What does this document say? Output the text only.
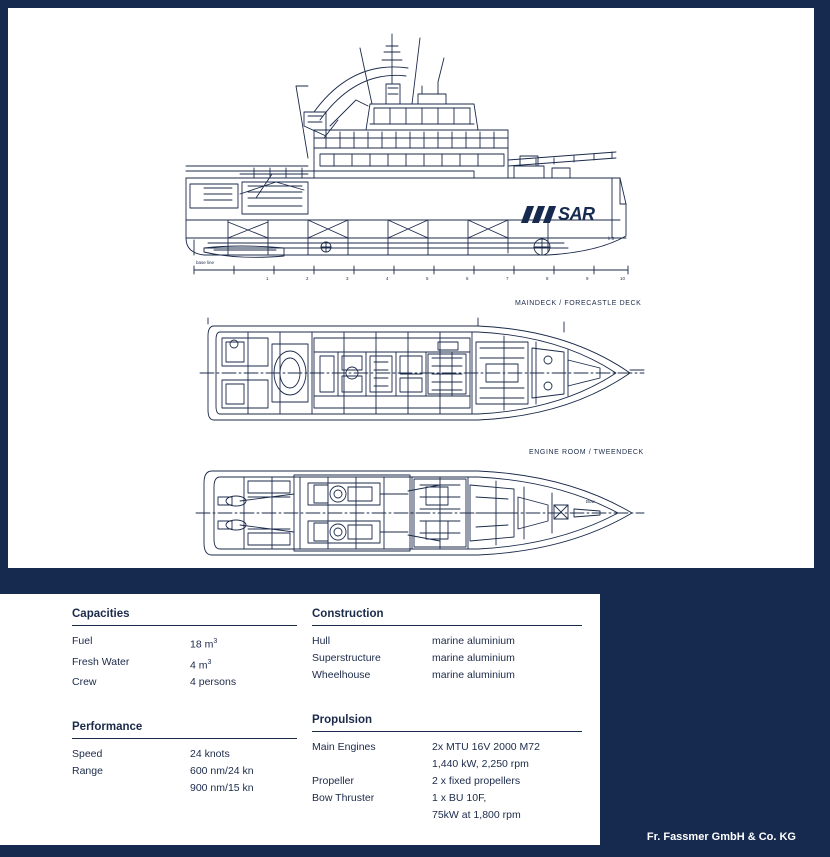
base line
1	2	3	4	5	6	7	8	9	10
fr.0
Bow
MAINDECK / FORECASTLE DECK
ENGINE ROOM / TWEENDECK
SAR
Capacities
Fuel	18 $m^3$
Fresh Water	4 $m^3$
Crew	4 persons
Performance
Speed	24 knots
Range	600 nm/24 kn
900 nm/15 kn
Construction
Hull	marine aluminium
Superstructure	marine aluminium
Wheelhouse	marine aluminium
Propulsion
Main Engines	2x MTU 16V 2000 M72
1,440 kW, 2,250 rpm
Propeller	2 x fixed propellers
Bow Thruster	1 x BU 10F,
75kW at 1,800 rpm
Fr. Fassmer GmbH & Co. KG
